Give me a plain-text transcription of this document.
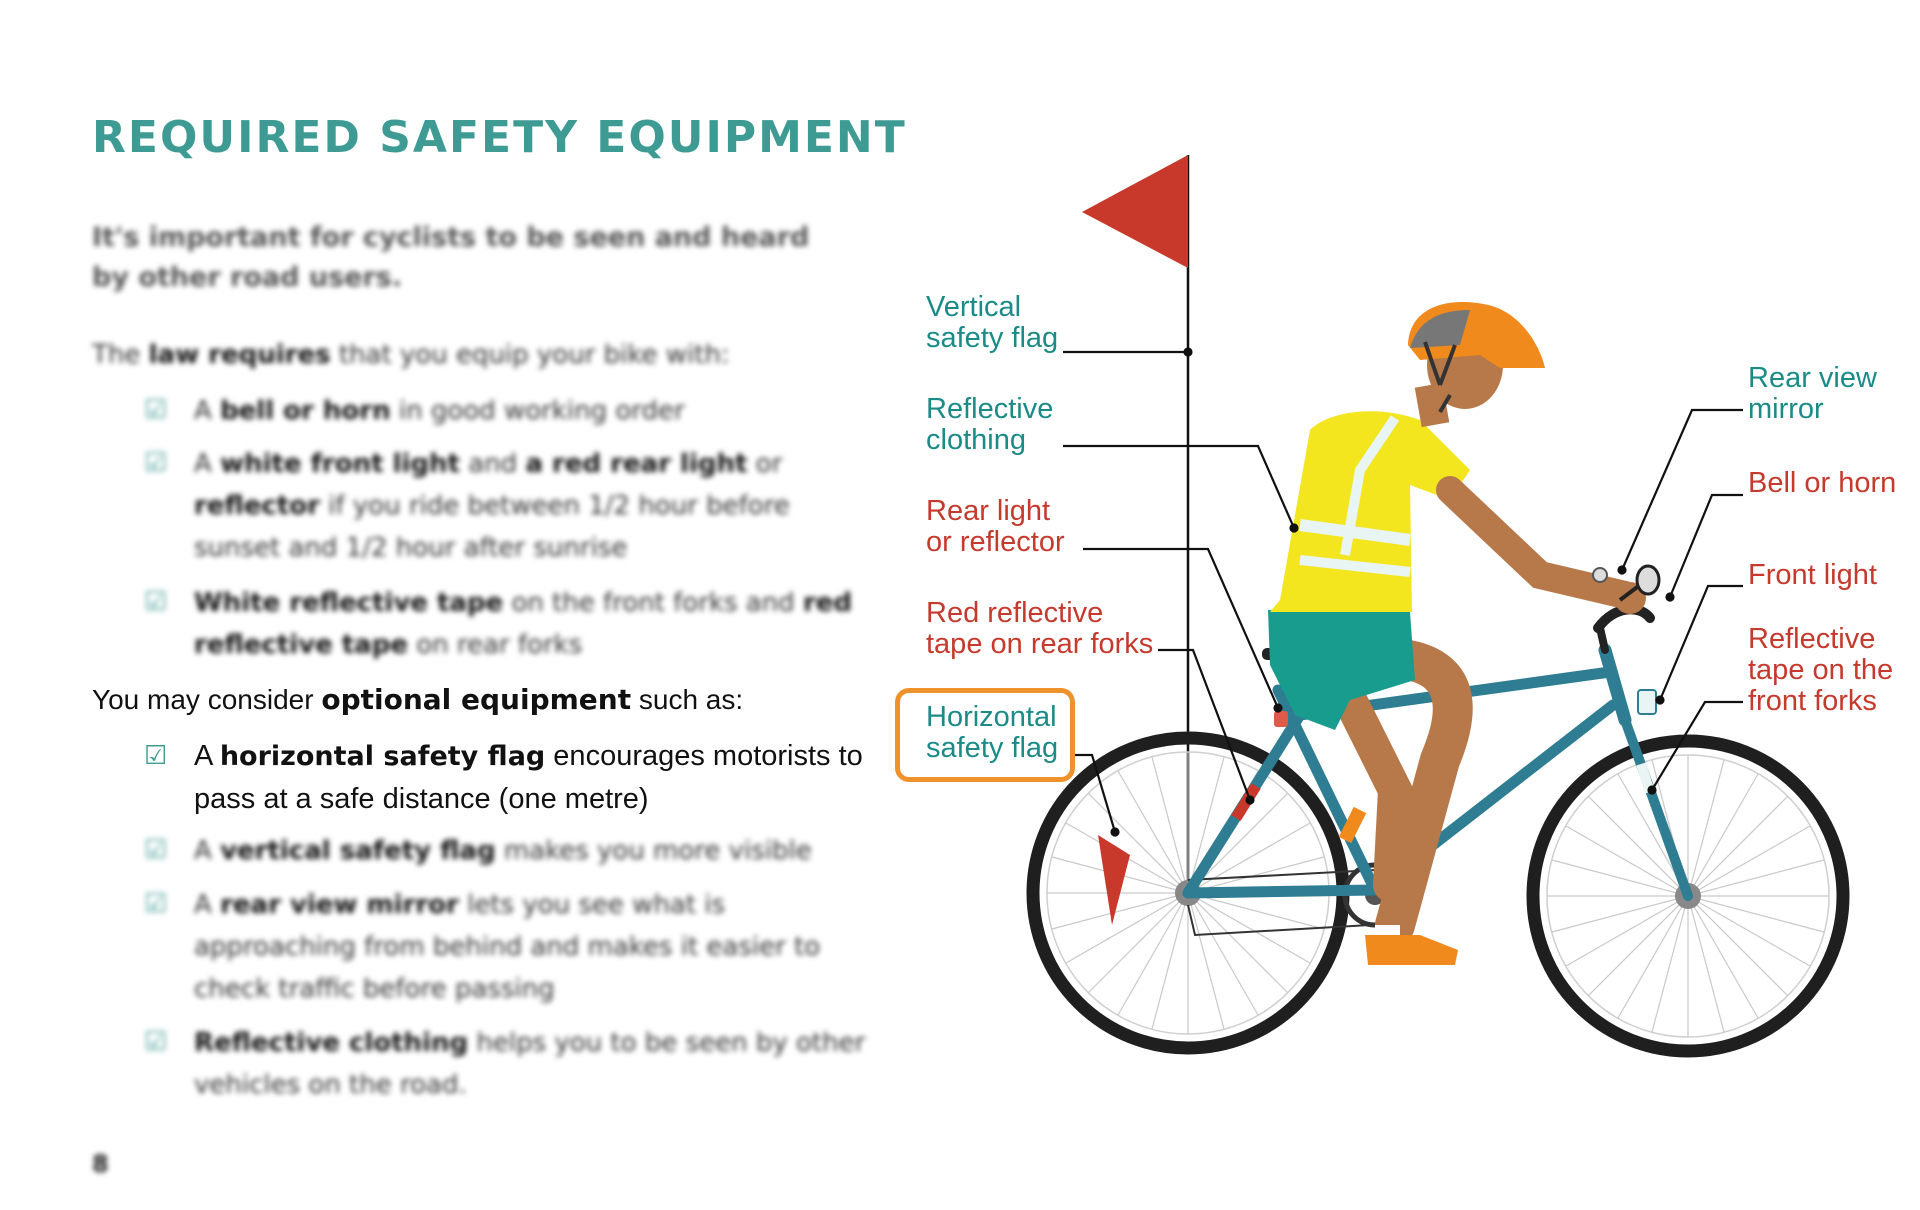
REQUIRED SAFETY EQUIPMENT

It's important for cyclists to be seen and heard by other road users.

The law requires that you equip your bike with:

☑ A bell or horn in good working order
☑ A white front light and a red rear light or reflector if you ride between 1/2 hour before sunset and 1/2 hour after sunrise
☑ White reflective tape on the front forks and red reflective tape on rear forks

You may consider optional equipment such as:

☑ A horizontal safety flag encourages motorists to pass at a safe distance (one metre)
☑ A vertical safety flag makes you more visible
☑ A rear view mirror lets you see what is approaching from behind and makes it easier to check traffic before passing
☑ Reflective clothing helps you to be seen by other vehicles on the road.
8
Vertical
safety flag
Reflective
clothing
Rear light
or reflector
Red reflective
tape on rear forks
Horizontal
safety flag
Rear view
mirror
Bell or horn
Front light
Reflective
tape on the
front forks
